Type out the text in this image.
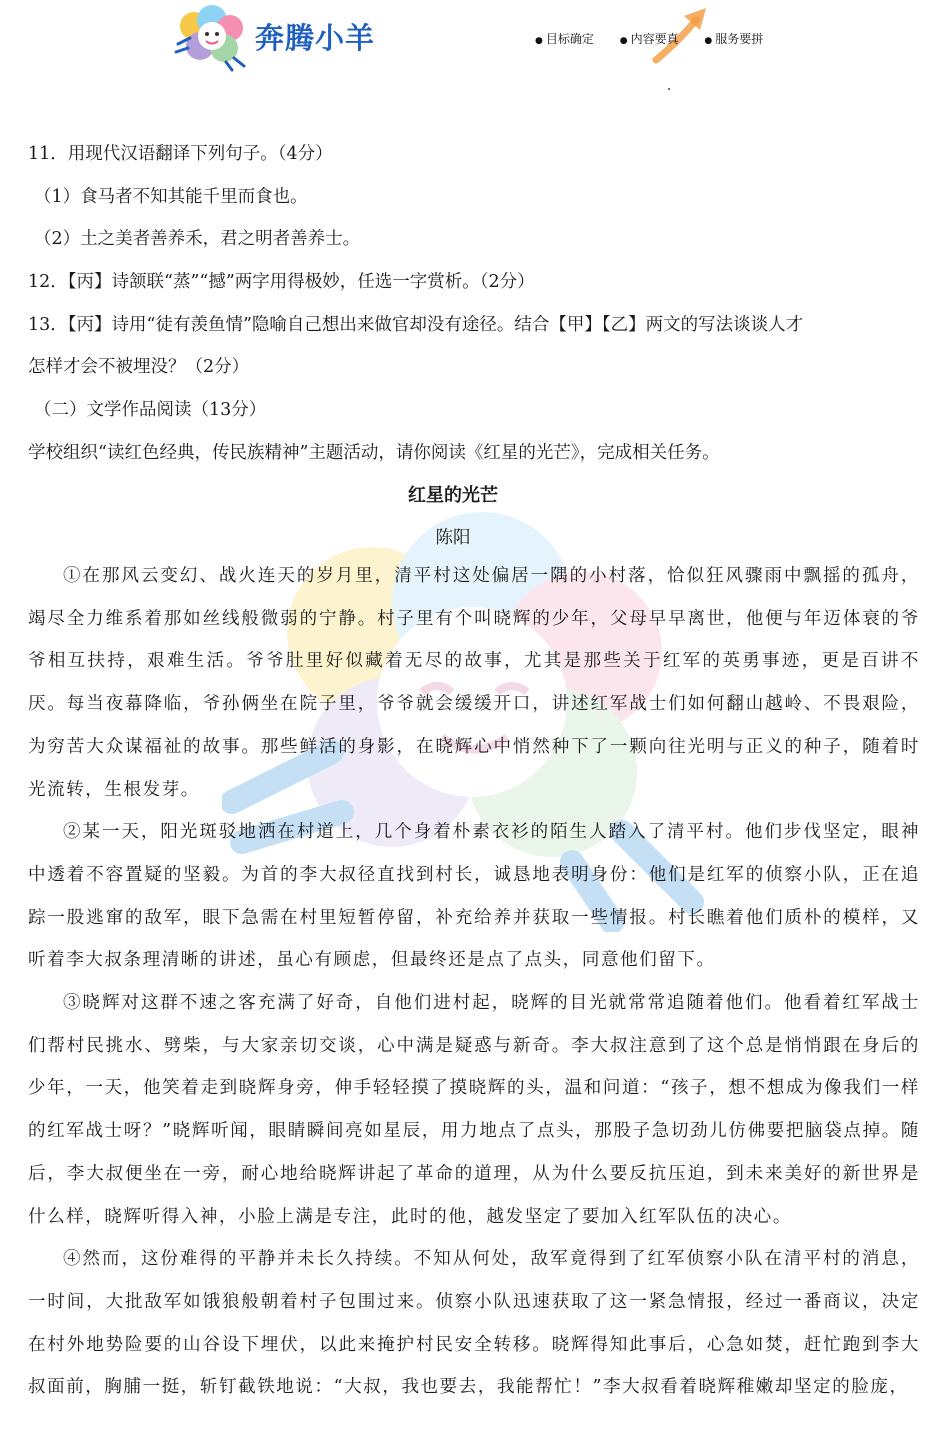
奔腾小羊	● 目标确定	● 内容要真	● 服务要拼
11．用现代汉语翻译下列句子。（4分）
（1）食马者不知其能千里而食也。
（2）土之美者善养禾，君之明者善养士。
12．【丙】诗颔联“蒸”“撼”两字用得极妙，任选一字赏析。（2分）
13．【丙】诗用“徒有羡鱼情”隐喻自己想出来做官却没有途径。结合【甲】【乙】两文的写法谈谈人才
怎样才会不被埋没？（2分）
（二）文学作品阅读（13分）
学校组织“读红色经典，传民族精神”主题活动，请你阅读《红星的光芒》，完成相关任务。
红星的光芒
陈阳

①在那风云变幻、战火连天的岁月里，清平村这处偏居一隅的小村落，恰似狂风骤雨中飘摇的孤舟，竭尽全力维系着那如丝线般微弱的宁静。村子里有个叫晓辉的少年，父母早早离世，他便与年迈体衰的爷爷相互扶持，艰难生活。爷爷肚里好似藏着无尽的故事，尤其是那些关于红军的英勇事迹，更是百讲不厌。每当夜幕降临，爷孙俩坐在院子里，爷爷就会缓缓开口，讲述红军战士们如何翻山越岭、不畏艰险，为穷苦大众谋福祉的故事。那些鲜活的身影，在晓辉心中悄然种下了一颗向往光明与正义的种子，随着时光流转，生根发芽。

②某一天，阳光斑驳地洒在村道上，几个身着朴素衣衫的陌生人踏入了清平村。他们步伐坚定，眼神中透着不容置疑的坚毅。为首的李大叔径直找到村长，诚恳地表明身份：他们是红军的侦察小队，正在追踪一股逃窜的敌军，眼下急需在村里短暂停留，补充给养并获取一些情报。村长瞧着他们质朴的模样，又听着李大叔条理清晰的讲述，虽心有顾虑，但最终还是点了点头，同意他们留下。

③晓辉对这群不速之客充满了好奇，自他们进村起，晓辉的目光就常常追随着他们。他看着红军战士们帮村民挑水、劈柴，与大家亲切交谈，心中满是疑惑与新奇。李大叔注意到了这个总是悄悄跟在身后的少年，一天，他笑着走到晓辉身旁，伸手轻轻摸了摸晓辉的头，温和问道：“孩子，想不想成为像我们一样的红军战士呀？”晓辉听闻，眼睛瞬间亮如星辰，用力地点了点头，那股子急切劲儿仿佛要把脑袋点掉。随后，李大叔便坐在一旁，耐心地给晓辉讲起了革命的道理，从为什么要反抗压迫，到未来美好的新世界是什么样，晓辉听得入神，小脸上满是专注，此时的他，越发坚定了要加入红军队伍的决心。

④然而，这份难得的平静并未长久持续。不知从何处，敌军竟得到了红军侦察小队在清平村的消息，一时间，大批敌军如饿狼般朝着村子包围过来。侦察小队迅速获取了这一紧急情报，经过一番商议，决定在村外地势险要的山谷设下埋伏，以此来掩护村民安全转移。晓辉得知此事后，心急如焚，赶忙跑到李大叔面前，胸脯一挺，斩钉截铁地说：“大叔，我也要去，我能帮忙！”李大叔看着晓辉稚嫩却坚定的脸庞，
